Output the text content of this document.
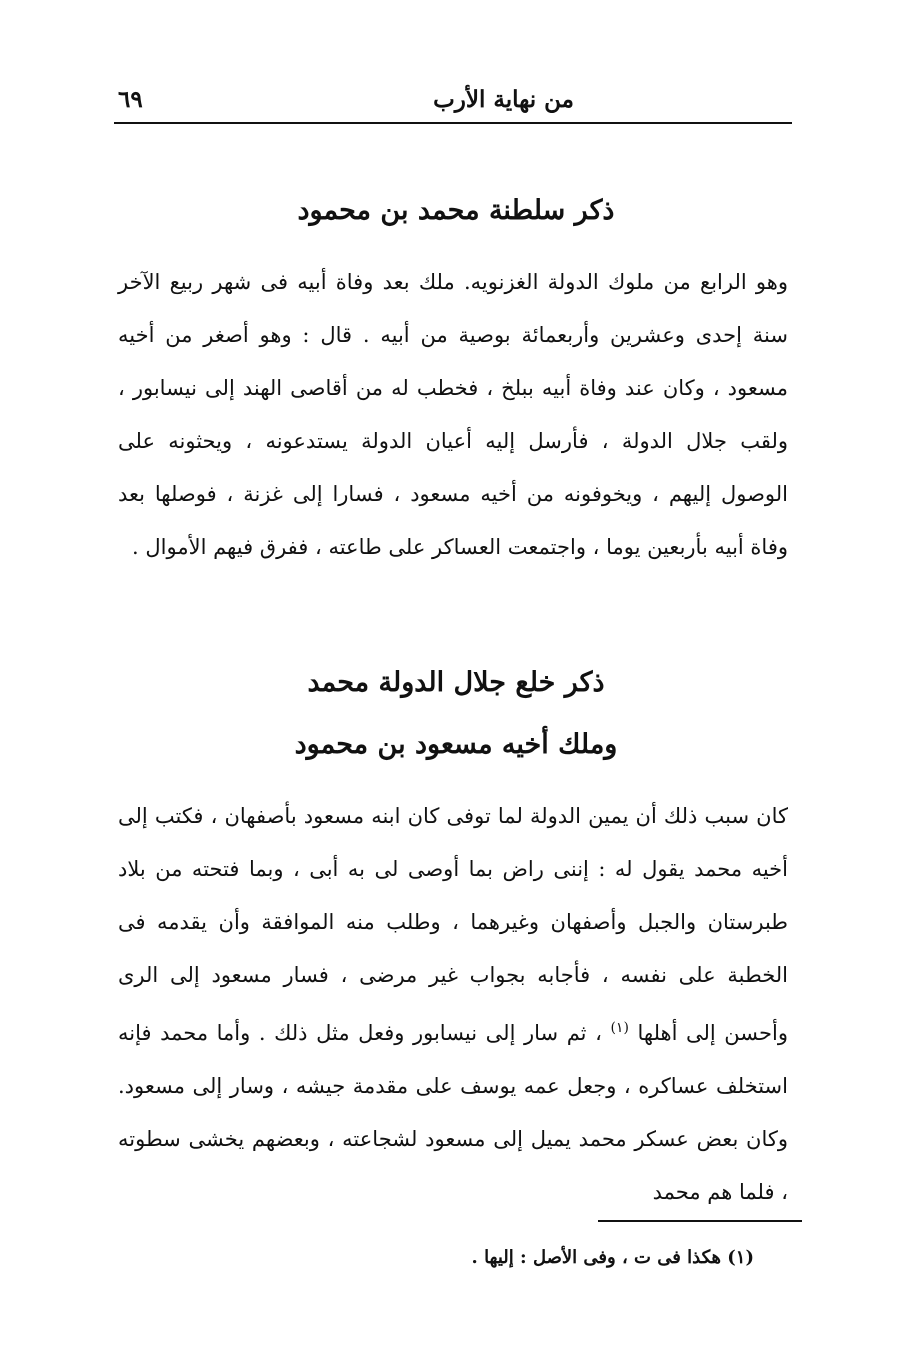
من نهاية الأرب
٦٩
ذكر سلطنة محمد بن محمود
وهو الرابع من ملوك الدولة الغزنويه. ملك بعد وفاة أبيه فى شهر ربيع الآخر سنة إحدى وعشرين وأربعمائة بوصية من أبيه . قال : وهو أصغر من أخيه مسعود ، وكان عند وفاة أبيه ببلخ ، فخطب له من أقاصى الهند إلى نيسابور ، ولقب جلال الدولة ، فأرسل إليه أعيان الدولة يستدعونه ، ويحثونه على الوصول إليهم ، ويخوفونه من أخيه مسعود ، فسارا إلى غزنة ، فوصلها بعد وفاة أبيه بأربعين يوما ، واجتمعت العساكر على طاعته ، ففرق فيهم الأموال .
ذكر خلع جلال الدولة محمد
وملك أخيه مسعود بن محمود
كان سبب ذلك أن يمين الدولة لما توفى كان ابنه مسعود بأصفهان ، فكتب إلى أخيه محمد يقول له : إننى راض بما أوصى لى به أبى ، وبما فتحته من بلاد طبرستان والجبل وأصفهان وغيرهما ، وطلب منه الموافقة وأن يقدمه فى الخطبة على نفسه ، فأجابه بجواب غير مرضى ، فسار مسعود إلى الرى وأحسن إلى أهلها $^{(١)}$ ، ثم سار إلى نيسابور وفعل مثل ذلك . وأما محمد فإنه استخلف عساكره ، وجعل عمه يوسف على مقدمة جيشه ، وسار إلى مسعود. وكان بعض عسكر محمد يميل إلى مسعود لشجاعته ، وبعضهم يخشى سطوته ، فلما هم محمد
(١) هكذا فى ت ، وفى الأصل : إليها .
